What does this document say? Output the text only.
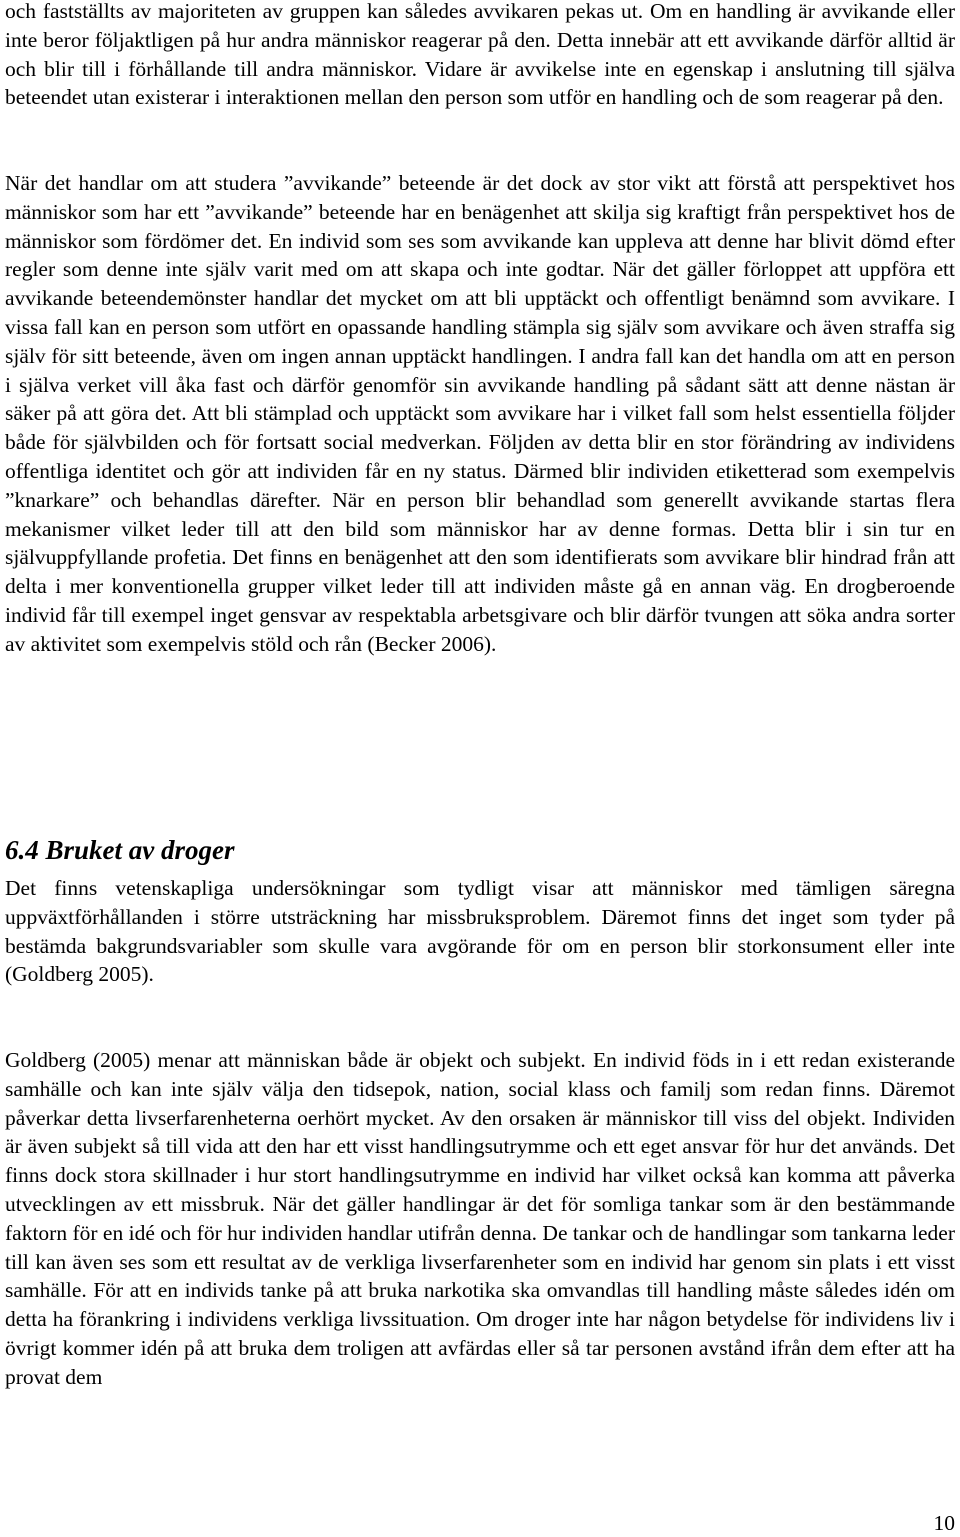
och fastställts av majoriteten av gruppen kan således avvikaren pekas ut. Om en handling är avvikande eller inte beror följaktligen på hur andra människor reagerar på den. Detta innebär att ett avvikande därför alltid är och blir till i förhållande till andra människor. Vidare är avvikelse inte en egenskap i anslutning till själva beteendet utan existerar i interaktionen mellan den person som utför en handling och de som reagerar på den.

När det handlar om att studera ”avvikande” beteende är det dock av stor vikt att förstå att perspektivet hos människor som har ett ”avvikande” beteende har en benägenhet att skilja sig kraftigt från perspektivet hos de människor som fördömer det. En individ som ses som avvikande kan uppleva att denne har blivit dömd efter regler som denne inte själv varit med om att skapa och inte godtar. När det gäller förloppet att uppföra ett avvikande beteendemönster handlar det mycket om att bli upptäckt och offentligt benämnd som avvikare. I vissa fall kan en person som utfört en opassande handling stämpla sig själv som avvikare och även straffa sig själv för sitt beteende, även om ingen annan upptäckt handlingen. I andra fall kan det handla om att en person i själva verket vill åka fast och därför genomför sin avvikande handling på sådant sätt att denne nästan är säker på att göra det. Att bli stämplad och upptäckt som avvikare har i vilket fall som helst essentiella följder både för självbilden och för fortsatt social medverkan. Följden av detta blir en stor förändring av individens offentliga identitet och gör att individen får en ny status. Därmed blir individen etiketterad som exempelvis ”knarkare” och behandlas därefter. När en person blir behandlad som generellt avvikande startas flera mekanismer vilket leder till att den bild som människor har av denne formas. Detta blir i sin tur en självuppfyllande profetia. Det finns en benägenhet att den som identifierats som avvikare blir hindrad från att delta i mer konventionella grupper vilket leder till att individen måste gå en annan väg. En drogberoende individ får till exempel inget gensvar av respektabla arbetsgivare och blir därför tvungen att söka andra sorter av aktivitet som exempelvis stöld och rån (Becker 2006).

6.4 Bruket av droger

Det finns vetenskapliga undersökningar som tydligt visar att människor med tämligen säregna uppväxtförhållanden i större utsträckning har missbruksproblem. Däremot finns det inget som tyder på bestämda bakgrundsvariabler som skulle vara avgörande för om en person blir storkonsument eller inte (Goldberg 2005).

Goldberg (2005) menar att människan både är objekt och subjekt. En individ föds in i ett redan existerande samhälle och kan inte själv välja den tidsepok, nation, social klass och familj som redan finns. Däremot påverkar detta livserfarenheterna oerhört mycket. Av den orsaken är människor till viss del objekt. Individen är även subjekt så till vida att den har ett visst handlingsutrymme och ett eget ansvar för hur det används. Det finns dock stora skillnader i hur stort handlingsutrymme en individ har vilket också kan komma att påverka utvecklingen av ett missbruk. När det gäller handlingar är det för somliga tankar som är den bestämmande faktorn för en idé och för hur individen handlar utifrån denna. De tankar och de handlingar som tankarna leder till kan även ses som ett resultat av de verkliga livserfarenheter som en individ har genom sin plats i ett visst samhälle. För att en individs tanke på att bruka narkotika ska omvandlas till handling måste således idén om detta ha förankring i individens verkliga livssituation. Om droger inte har någon betydelse för individens liv i övrigt kommer idén på att bruka dem troligen att avfärdas eller så tar personen avstånd ifrån dem efter att ha provat dem

10
